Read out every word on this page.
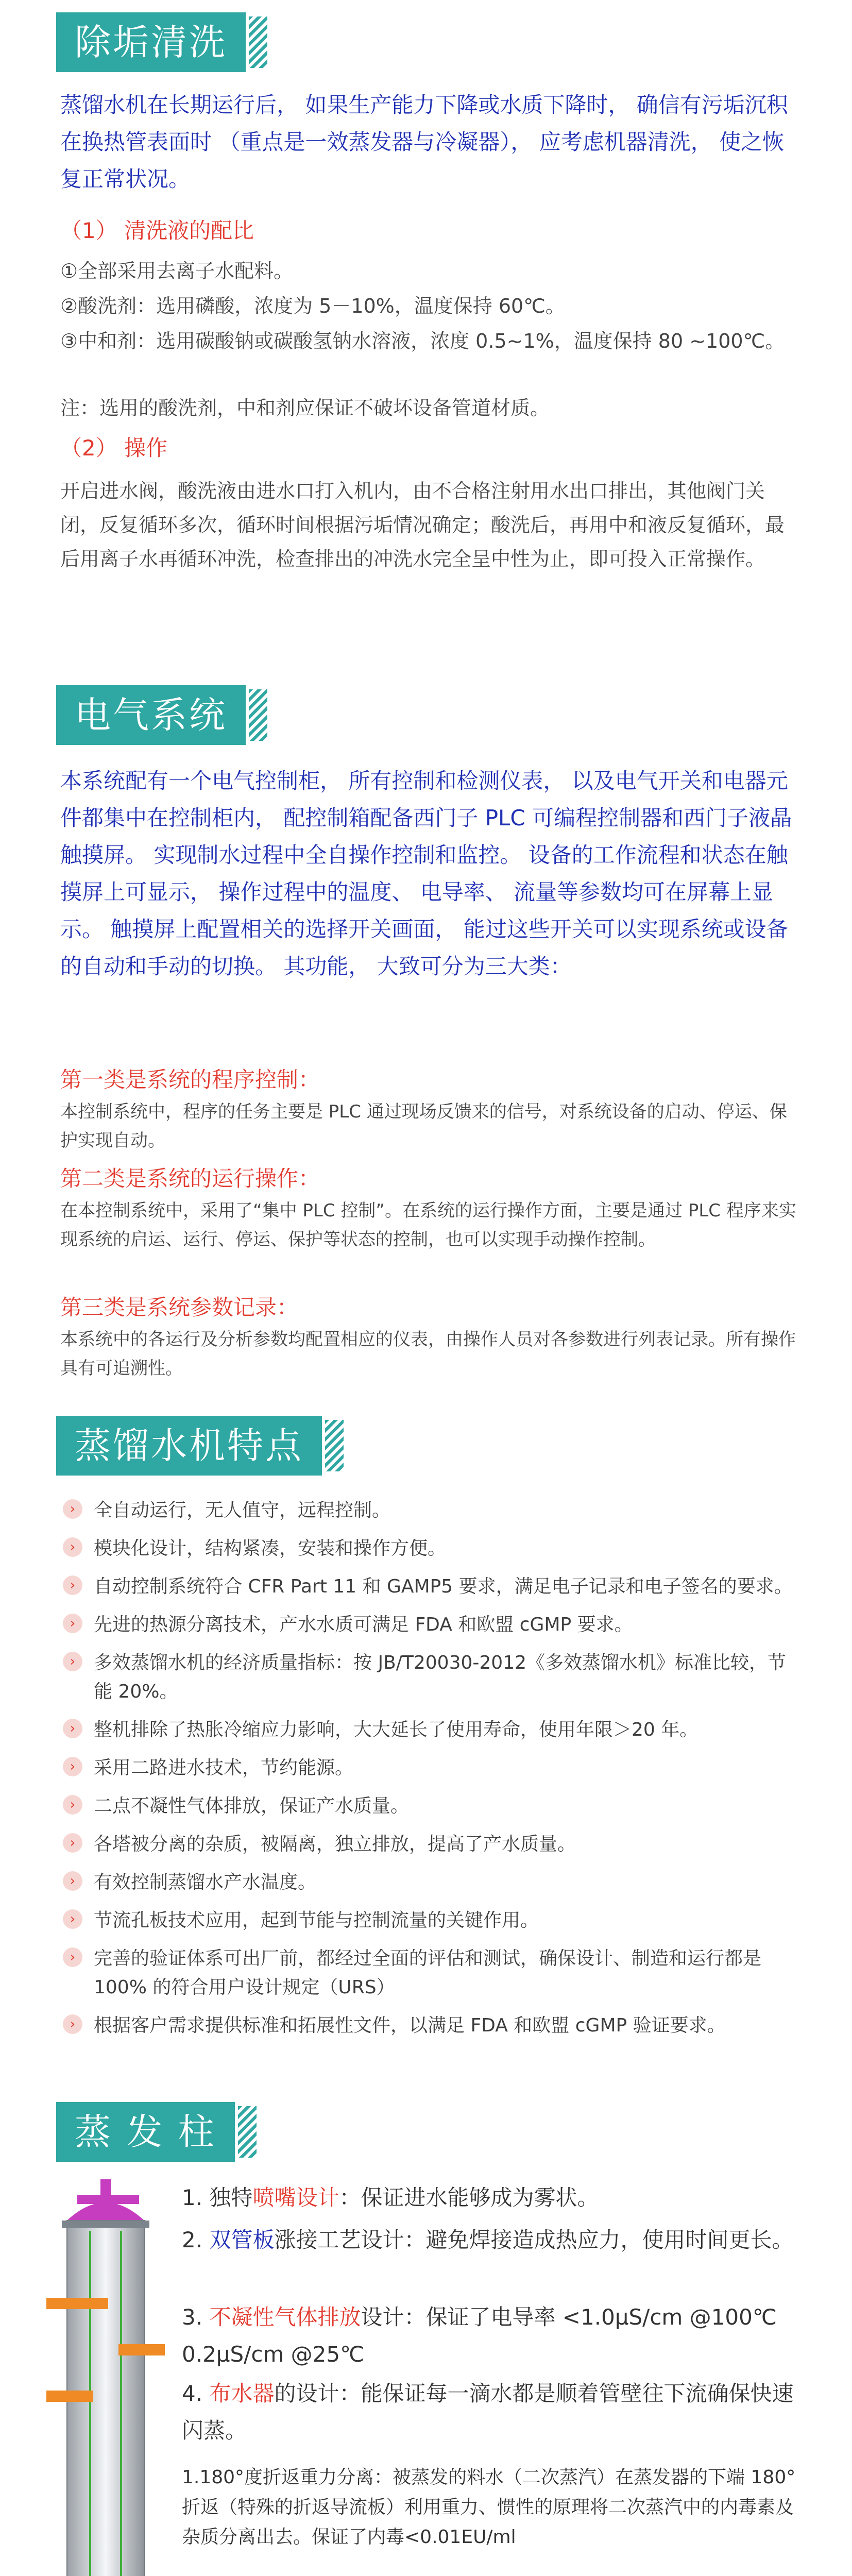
除垢清洗
蒸馏水机在长期运行后， 如果生产能力下降或水质下降时， 确信有污垢沉积在换热管表面时 （重点是一效蒸发器与冷凝器）， 应考虑机器清洗， 使之恢复正常状况。
（1） 清洗液的配比
①全部采用去离子水配料。
②酸洗剂：选用磷酸，浓度为 5－10%，温度保持 60℃。
③中和剂：选用碳酸钠或碳酸氢钠水溶液，浓度 0.5~1%，温度保持 80 ~100℃。
注：选用的酸洗剂，中和剂应保证不破坏设备管道材质。
（2） 操作
开启进水阀，酸洗液由进水口打入机内，由不合格注射用水出口排出，其他阀门关闭，反复循环多次，循环时间根据污垢情况确定；酸洗后，再用中和液反复循环，最后用离子水再循环冲洗，检查排出的冲洗水完全呈中性为止，即可投入正常操作。
电气系统
本系统配有一个电气控制柜， 所有控制和检测仪表， 以及电气开关和电器元件都集中在控制柜内， 配控制箱配备西门子 PLC 可编程控制器和西门子液晶触摸屏。 实现制水过程中全自操作控制和监控。 设备的工作流程和状态在触摸屏上可显示， 操作过程中的温度、 电导率、 流量等参数均可在屏幕上显示。 触摸屏上配置相关的选择开关画面， 能过这些开关可以实现系统或设备的自动和手动的切换。 其功能， 大致可分为三大类：
第一类是系统的程序控制：
本控制系统中，程序的任务主要是 PLC 通过现场反馈来的信号，对系统设备的启动、停运、保护实现自动。
第二类是系统的运行操作：
在本控制系统中，采用了“集中 PLC 控制”。在系统的运行操作方面，主要是通过 PLC 程序来实现系统的启运、运行、停运、保护等状态的控制，也可以实现手动操作控制。
第三类是系统参数记录：
本系统中的各运行及分析参数均配置相应的仪表，由操作人员对各参数进行列表记录。所有操作具有可追溯性。
蒸馏水机特点
› 全自动运行，无人值守，远程控制。
› 模块化设计，结构紧凑，安装和操作方便。
› 自动控制系统符合 CFR Part 11 和 GAMP5 要求，满足电子记录和电子签名的要求。
› 先进的热源分离技术，产水水质可满足 FDA 和欧盟 cGMP 要求。
› 多效蒸馏水机的经济质量指标：按 JB/T20030-2012《多效蒸馏水机》标准比较，节能 20%。
› 整机排除了热胀冷缩应力影响，大大延长了使用寿命，使用年限＞20 年。
› 采用二路进水技术，节约能源。
› 二点不凝性气体排放，保证产水质量。
› 各塔被分离的杂质，被隔离，独立排放，提高了产水质量。
› 有效控制蒸馏水产水温度。
› 节流孔板技术应用，起到节能与控制流量的关键作用。
› 完善的验证体系可出厂前，都经过全面的评估和测试，确保设计、制造和运行都是 100% 的符合用户设计规定（URS）
› 根据客户需求提供标准和拓展性文件，以满足 FDA 和欧盟 cGMP 验证要求。
蒸 发 柱
1. 独特喷嘴设计：保证进水能够成为雾状。
2. 双管板涨接工艺设计：避免焊接造成热应力，使用时间更长。
3. 不凝性气体排放设计：保证了电导率 <1.0μS/cm @100℃ 0.2μS/cm @25℃
4. 布水器的设计：能保证每一滴水都是顺着管壁往下流确保快速闪蒸。
1.180°度折返重力分离：被蒸发的料水（二次蒸汽）在蒸发器的下端 180°折返（特殊的折返导流板）利用重力、惯性的原理将二次蒸汽中的内毒素及杂质分离出去。保证了内毒<0.01EU/ml
